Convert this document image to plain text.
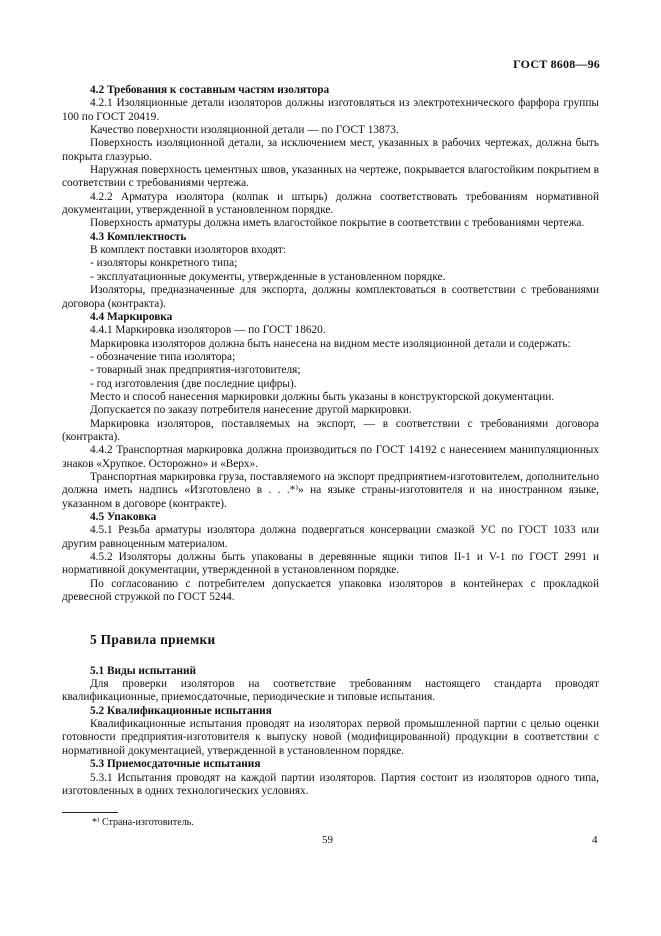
ГОСТ 8608—96

4.2 Требования к составным частям изолятора

4.2.1 Изоляционные детали изоляторов должны изготовляться из электротехнического фарфора группы 100 по ГОСТ 20419.

Качество поверхности изоляционной детали — по ГОСТ 13873.

Поверхность изоляционной детали, за исключением мест, указанных в рабочих чертежах, должна быть покрыта глазурью.

Наружная поверхность цементных швов, указанных на чертеже, покрывается влагостойким покрытием в соответствии с требованиями чертежа.

4.2.2 Арматура изолятора (колпак и штырь) должна соответствовать требованиям нормативной документации, утвержденной в установленном порядке.

Поверхность арматуры должна иметь влагостойкое покрытие в соответствии с требованиями чертежа.

4.3 Комплектность

В комплект поставки изоляторов входят:

- изоляторы конкретного типа;

- эксплуатационные документы, утвержденные в установленном порядке.

Изоляторы, предназначенные для экспорта, должны комплектоваться в соответствии с требованиями договора (контракта).

4.4 Маркировка

4.4.1 Маркировка изоляторов — по ГОСТ 18620.

Маркировка изоляторов должна быть нанесена на видном месте изоляционной детали и содержать:

- обозначение типа изолятора;

- товарный знак предприятия-изготовителя;

- год изготовления (две последние цифры).

Место и способ нанесения маркировки должны быть указаны в конструкторской документации.

Допускается по заказу потребителя нанесение другой маркировки.

Маркировка изоляторов, поставляемых на экспорт, — в соответствии с требованиями договора (контракта).

4.4.2 Транспортная маркировка должна производиться по ГОСТ 14192 с нанесением манипуляционных знаков «Хрупкое. Осторожно» и «Верх».

Транспортная маркировка груза, поставляемого на экспорт предприятием-изготовителем, дополнительно должна иметь надпись «Изготовлено в . . .*⁾» на языке страны-изготовителя и на иностранном языке, указанном в договоре (контракте).

4.5 Упаковка

4.5.1 Резьба арматуры изолятора должна подвергаться консервации смазкой УС по ГОСТ 1033 или другим равноценным материалом.

4.5.2 Изоляторы должны быть упакованы в деревянные ящики типов II-1 и V-1 по ГОСТ 2991 и нормативной документации, утвержденной в установленном порядке.

По согласованию с потребителем допускается упаковка изоляторов в контейнерах с прокладкой древесной стружкой по ГОСТ 5244.

5 Правила приемки

5.1 Виды испытаний

Для проверки изоляторов на соответствие требованиям настоящего стандарта проводят квалификационные, приемосдаточные, периодические и типовые испытания.

5.2 Квалификационные испытания

Квалификационные испытания проводят на изоляторах первой промышленной партии с целью оценки готовности предприятия-изготовителя к выпуску новой (модифицированной) продукции в соответствии с нормативной документацией, утвержденной в установленном порядке.

5.3 Приемосдаточные испытания

5.3.1 Испытания проводят на каждой партии изоляторов. Партия состоит из изоляторов одного типа, изготовленных в одних технологических условиях.

*⁾ Страна-изготовитель.
59	4
